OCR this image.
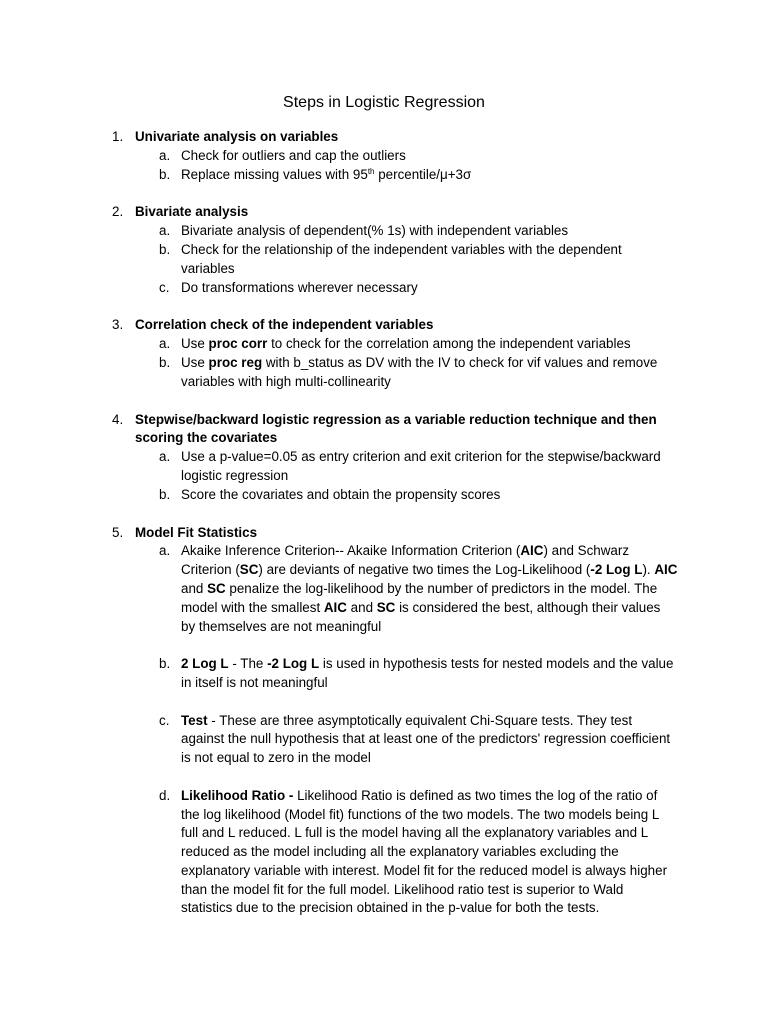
Steps in Logistic Regression
1. Univariate analysis on variables
a. Check for outliers and cap the outliers
b. Replace missing values with 95th percentile/μ+3σ
2. Bivariate analysis
a. Bivariate analysis of dependent(% 1s) with independent variables
b. Check for the relationship of the independent variables with the dependent variables
c. Do transformations wherever necessary
3. Correlation check of the independent variables
a. Use proc corr to check for the correlation among the independent variables
b. Use proc reg with b_status as DV with the IV to check for vif values and remove variables with high multi-collinearity
4. Stepwise/backward logistic regression as a variable reduction technique and then scoring the covariates
a. Use a p-value=0.05 as entry criterion and exit criterion for the stepwise/backward logistic regression
b. Score the covariates and obtain the propensity scores
5. Model Fit Statistics
a. Akaike Inference Criterion-- Akaike Information Criterion (AIC) and Schwarz Criterion (SC) are deviants of negative two times the Log-Likelihood (-2 Log L). AIC and SC penalize the log-likelihood by the number of predictors in the model. The model with the smallest AIC and SC is considered the best, although their values by themselves are not meaningful
b. 2 Log L - The -2 Log L is used in hypothesis tests for nested models and the value in itself is not meaningful
c. Test - These are three asymptotically equivalent Chi-Square tests. They test against the null hypothesis that at least one of the predictors' regression coefficient is not equal to zero in the model
d. Likelihood Ratio - Likelihood Ratio is defined as two times the log of the ratio of the log likelihood (Model fit) functions of the two models. The two models being L full and L reduced. L full is the model having all the explanatory variables and L reduced as the model including all the explanatory variables excluding the explanatory variable with interest. Model fit for the reduced model is always higher than the model fit for the full model. Likelihood ratio test is superior to Wald statistics due to the precision obtained in the p-value for both the tests.
